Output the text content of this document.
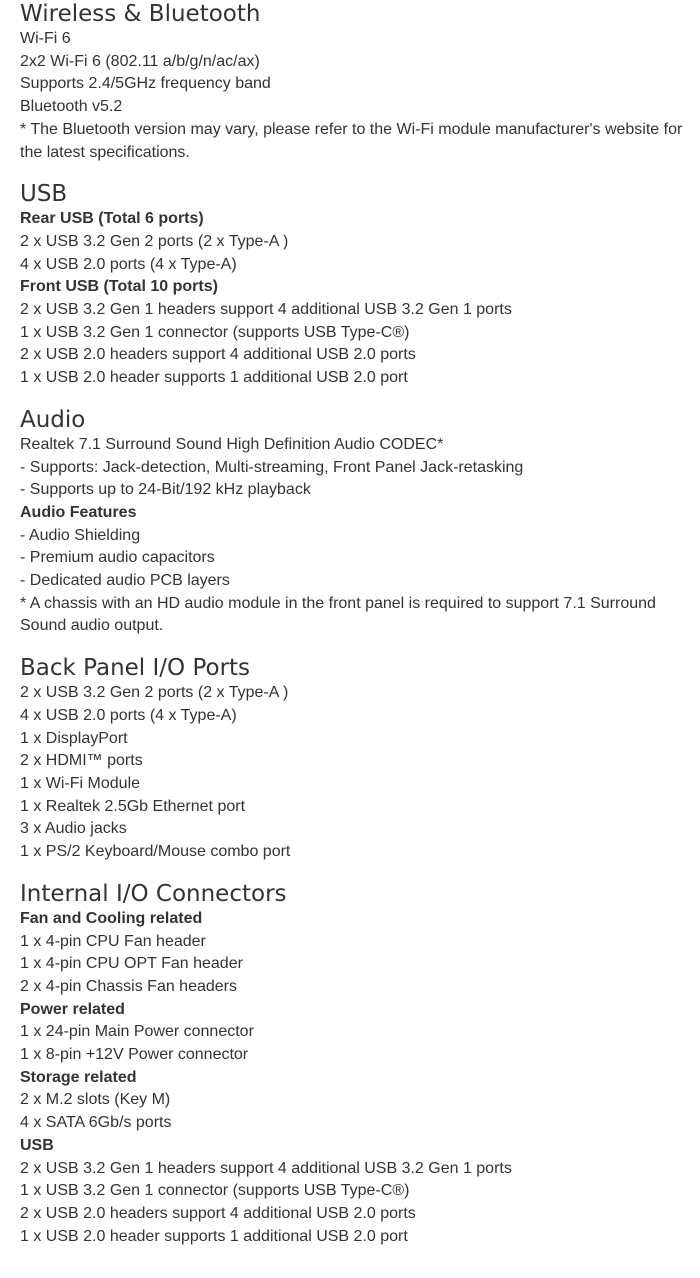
Wireless & Bluetooth
Wi-Fi 6
2x2 Wi-Fi 6 (802.11 a/b/g/n/ac/ax)
Supports 2.4/5GHz frequency band
Bluetooth v5.2
* The Bluetooth version may vary, please refer to the Wi-Fi module manufacturer's website for the latest specifications.
USB
Rear USB (Total 6 ports)
2 x USB 3.2 Gen 2 ports (2 x Type-A )
4 x USB 2.0 ports (4 x Type-A)
Front USB (Total 10 ports)
2 x USB 3.2 Gen 1 headers support 4 additional USB 3.2 Gen 1 ports
1 x USB 3.2 Gen 1 connector (supports USB Type-C®)
2 x USB 2.0 headers support 4 additional USB 2.0 ports
1 x USB 2.0 header supports 1 additional USB 2.0 port
Audio
Realtek 7.1 Surround Sound High Definition Audio CODEC*
- Supports: Jack-detection, Multi-streaming, Front Panel Jack-retasking
- Supports up to 24-Bit/192 kHz playback
Audio Features
- Audio Shielding
- Premium audio capacitors
- Dedicated audio PCB layers
* A chassis with an HD audio module in the front panel is required to support 7.1 Surround Sound audio output.
Back Panel I/O Ports
2 x USB 3.2 Gen 2 ports (2 x Type-A )
4 x USB 2.0 ports (4 x Type-A)
1 x DisplayPort
2 x HDMI™ ports
1 x Wi-Fi Module
1 x Realtek 2.5Gb Ethernet port
3 x Audio jacks
1 x PS/2 Keyboard/Mouse combo port
Internal I/O Connectors
Fan and Cooling related
1 x 4-pin CPU Fan header
1 x 4-pin CPU OPT Fan header
2 x 4-pin Chassis Fan headers
Power related
1 x 24-pin Main Power connector
1 x 8-pin +12V Power connector
Storage related
2 x M.2 slots (Key M)
4 x SATA 6Gb/s ports
USB
2 x USB 3.2 Gen 1 headers support 4 additional USB 3.2 Gen 1 ports
1 x USB 3.2 Gen 1 connector (supports USB Type-C®)
2 x USB 2.0 headers support 4 additional USB 2.0 ports
1 x USB 2.0 header supports 1 additional USB 2.0 port
